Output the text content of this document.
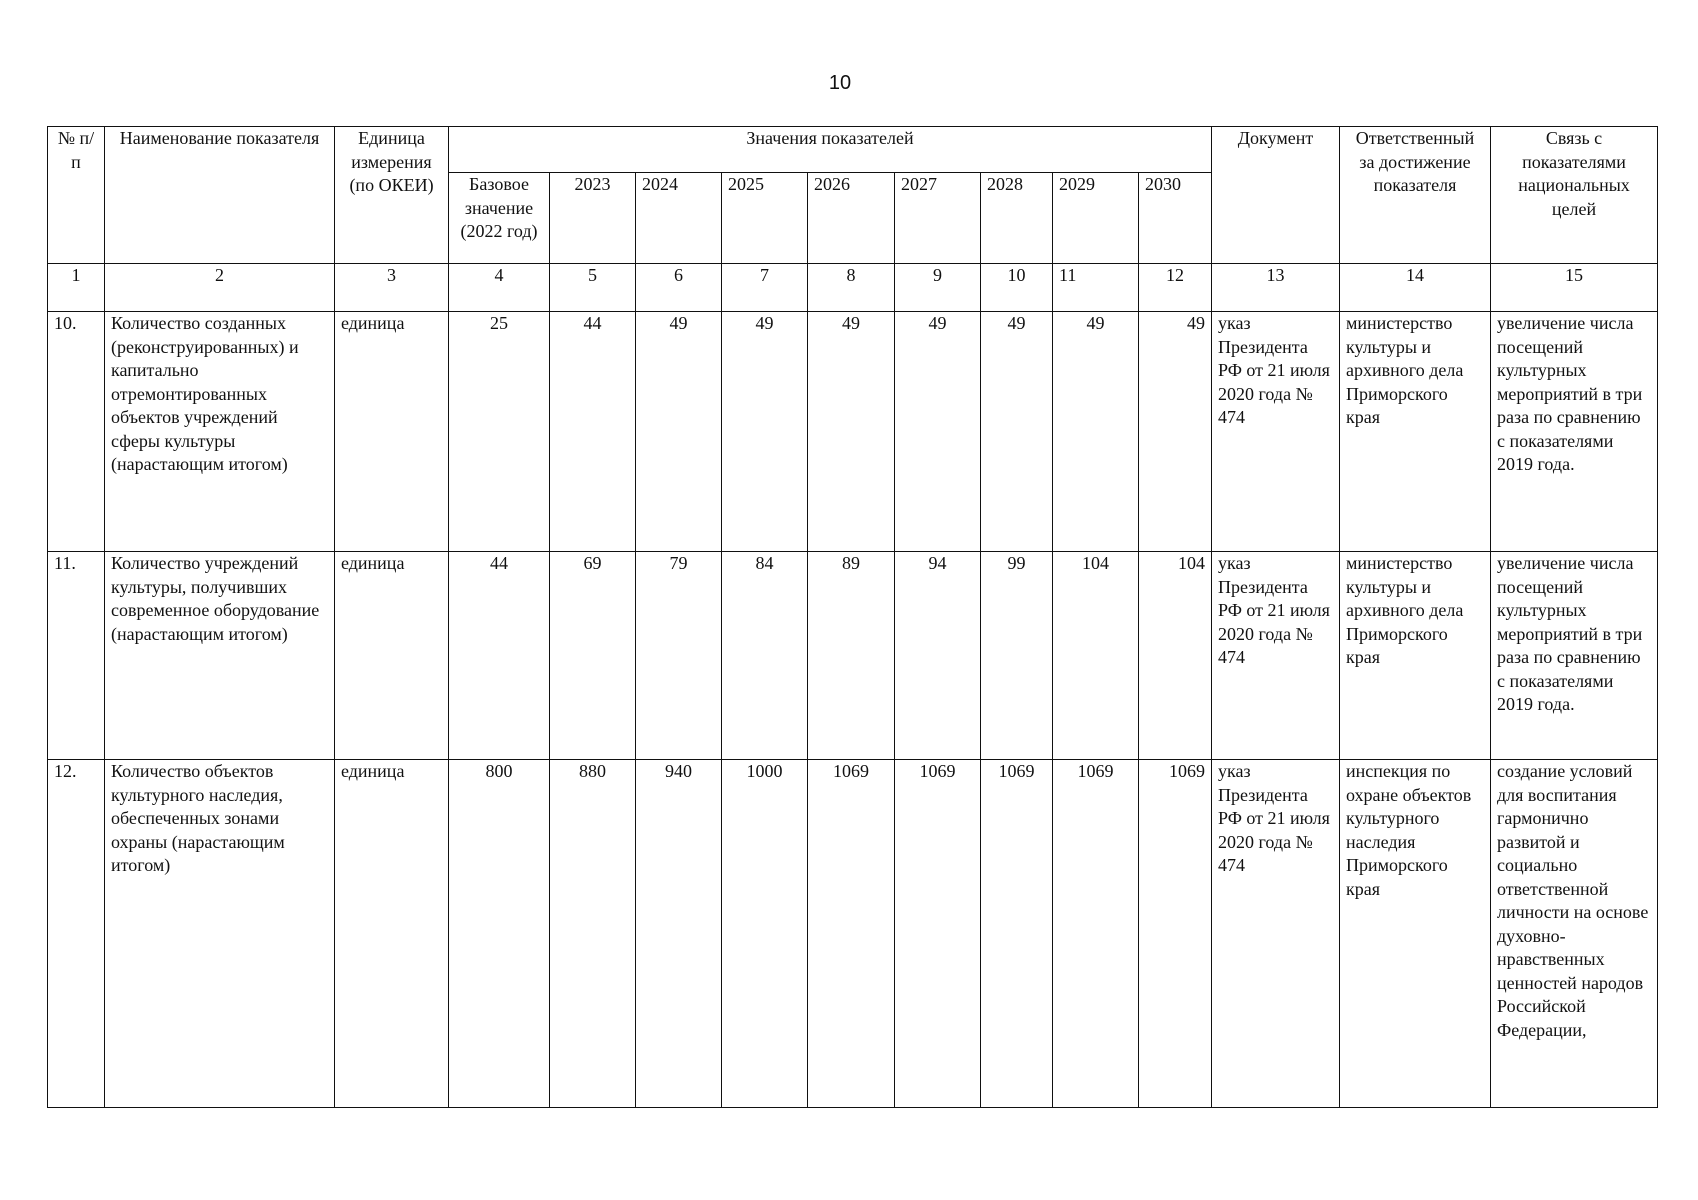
10
№ п/п	Наименование показателя	Единица измерения (по ОКЕИ)	Значения показателей									Документ	Ответственный за достижение показателя	Связь с показателями национальных целей
			Базовое значение (2022 год)	2023	2024	2025	2026	2027	2028	2029	2030			
1	2	3	4	5	6	7	8	9	10	11	12	13	14	15
10.	Количество созданных (реконструированных) и капитально отремонтированных объектов учреждений сферы культуры (нарастающим итогом)	единица	25	44	49	49	49	49	49	49	49	указ Президента РФ от 21 июля 2020 года № 474	министерство культуры и архивного дела Приморского края	увеличение числа посещений культурных мероприятий в три раза по сравнению с показателями 2019 года.
11.	Количество учреждений культуры, получивших современное оборудование (нарастающим итогом)	единица	44	69	79	84	89	94	99	104	104	указ Президента РФ от 21 июля 2020 года № 474	министерство культуры и архивного дела Приморского края	увеличение числа посещений культурных мероприятий в три раза по сравнению с показателями 2019 года.
12.	Количество объектов культурного наследия, обеспеченных зонами охраны (нарастающим итогом)	единица	800	880	940	1000	1069	1069	1069	1069	1069	указ Президента РФ от 21 июля 2020 года № 474	инспекция по охране объектов культурного наследия Приморского края	создание условий для воспитания гармонично развитой и социально ответственной личности на основе духовно-нравственных ценностей народов Российской Федерации,
